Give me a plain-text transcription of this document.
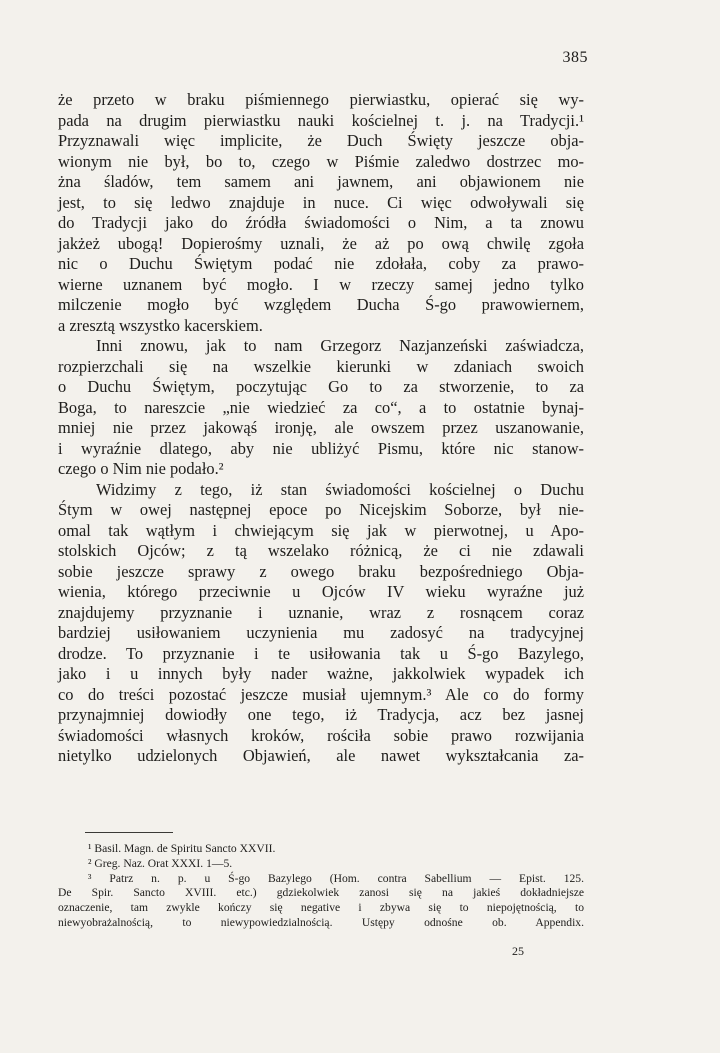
385
że przeto w braku piśmiennego pierwiastku, opierać się wy-
pada na drugim pierwiastku nauki kościelnej t. j. na Tradycji.¹
Przyznawali więc implicite, że Duch Święty jeszcze obja-
wionym nie był, bo to, czego w Piśmie zaledwo dostrzec mo-
żna śladów, tem samem ani jawnem, ani objawionem nie
jest, to się ledwo znajduje in nuce. Ci więc odwoływali się
do Tradycji jako do źródła świadomości o Nim, a ta znowu
jakżeż ubogą! Dopierośmy uznali, że aż po ową chwilę zgoła
nic o Duchu Świętym podać nie zdołała, coby za prawo-
wierne uznanem być mogło. I w rzeczy samej jedno tylko
milczenie mogło być względem Ducha Ś-go prawowiernem,
a zresztą wszystko kacerskiem.
Inni znowu, jak to nam Grzegorz Nazjanzeński zaświadcza,
rozpierzchali się na wszelkie kierunki w zdaniach swoich
o Duchu Świętym, poczytując Go to za stworzenie, to za
Boga, to nareszcie „nie wiedzieć za co“, a to ostatnie bynaj-
mniej nie przez jakowąś ironję, ale owszem przez uszanowanie,
i wyraźnie dlatego, aby nie ubliżyć Pismu, które nic stanow-
czego o Nim nie podało.²
Widzimy z tego, iż stan świadomości kościelnej o Duchu
Śtym w owej następnej epoce po Nicejskim Soborze, był nie-
omal tak wątłym i chwiejącym się jak w pierwotnej, u Apo-
stolskich Ojców; z tą wszelako różnicą, że ci nie zdawali
sobie jeszcze sprawy z owego braku bezpośredniego Obja-
wienia, którego przeciwnie u Ojców IV wieku wyraźne już
znajdujemy przyznanie i uznanie, wraz z rosnącem coraz
bardziej usiłowaniem uczynienia mu zadosyć na tradycyjnej
drodze. To przyznanie i te usiłowania tak u Ś-go Bazylego,
jako i u innych były nader ważne, jakkolwiek wypadek ich
co do treści pozostać jeszcze musiał ujemnym.³ Ale co do formy
przynajmniej dowiodły one tego, iż Tradycja, acz bez jasnej
świadomości własnych kroków, rościła sobie prawo rozwijania
nietylko udzielonych Objawień, ale nawet wykształcania za-
¹ Basil. Magn. de Spiritu Sancto XXVII.
² Greg. Naz. Orat XXXI. 1—5.
³ Patrz n. p. u Ś-go Bazylego (Hom. contra Sabellium — Epist. 125.
De Spir. Sancto XVIII. etc.) gdziekolwiek zanosi się na jakieś dokładniejsze
oznaczenie, tam zwykle kończy się negative i zbywa się to niepojętnością, to
niewyobrażalnością, to niewypowiedzialnością. Ustępy odnośne ob. Appendix.
25
